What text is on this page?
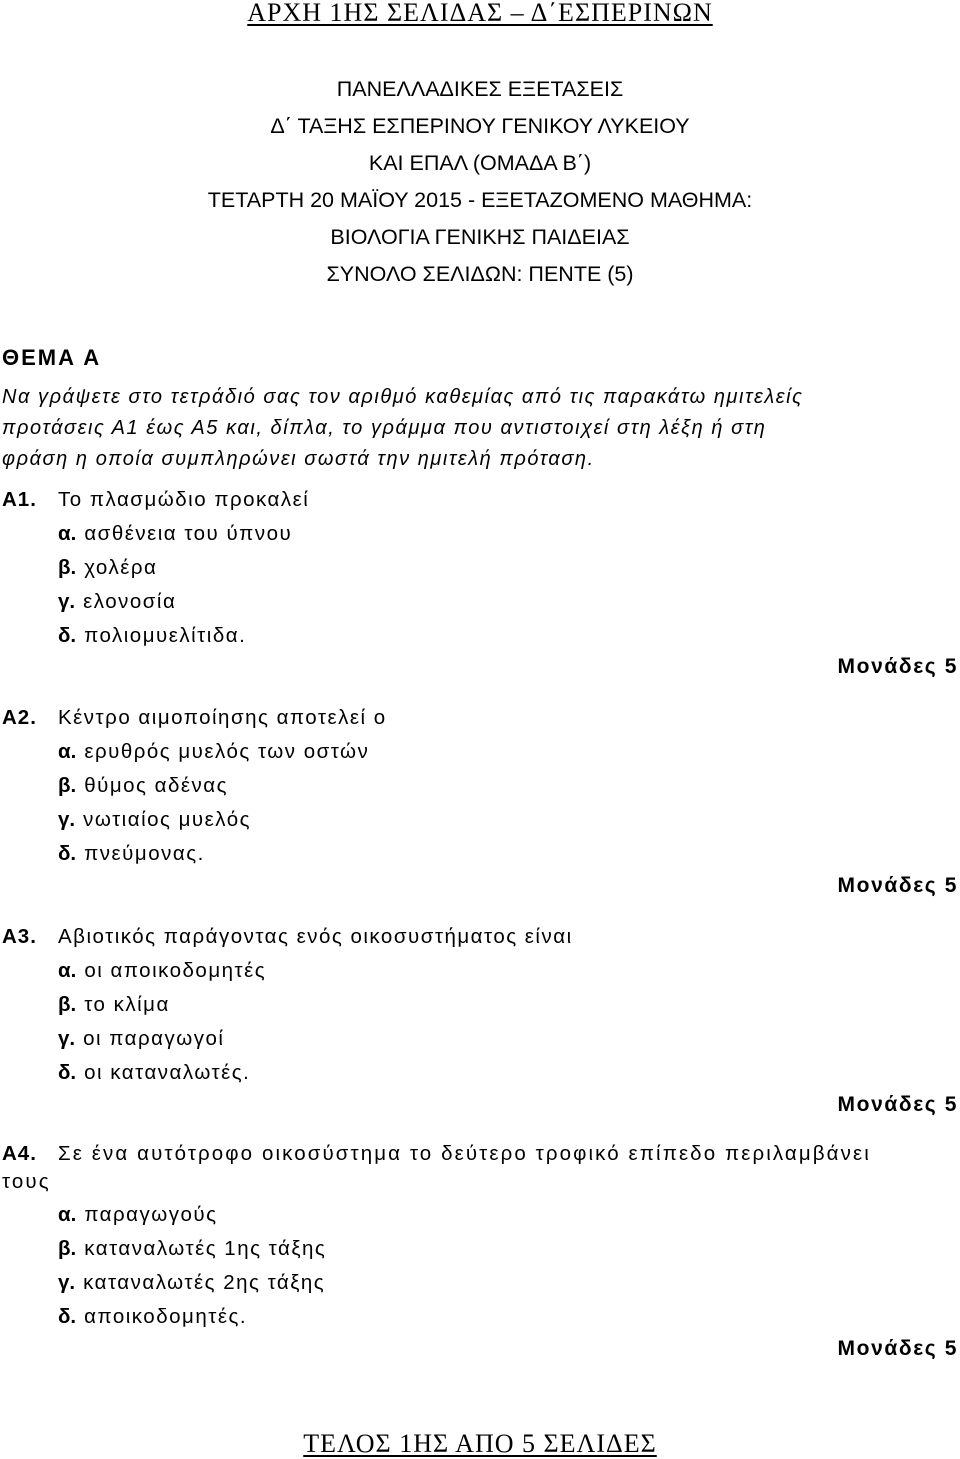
ΑΡΧΗ 1ΗΣ ΣΕΛΙΔΑΣ – Δ΄ΕΣΠΕΡΙΝΩΝ
ΠΑΝΕΛΛΑΔΙΚΕΣ ΕΞΕΤΑΣΕΙΣ
Δ΄ ΤΑΞΗΣ ΕΣΠΕΡΙΝΟΥ ΓΕΝΙΚΟΥ ΛΥΚΕΙΟΥ
ΚΑΙ ΕΠΑΛ (ΟΜΑΔΑ Β΄)
ΤΕΤΑΡΤΗ 20 ΜΑΪΟΥ 2015 - ΕΞΕΤΑΖΟΜΕΝΟ ΜΑΘΗΜΑ:
ΒΙΟΛΟΓΙΑ ΓΕΝΙΚΗΣ ΠΑΙΔΕΙΑΣ
ΣΥΝΟΛΟ ΣΕΛΙΔΩΝ: ΠΕΝΤΕ (5)
ΘΕΜΑ Α
Να γράψετε στο τετράδιό σας τον αριθμό καθεμίας από τις παρακάτω ημιτελείς
προτάσεις Α1 έως Α5 και, δίπλα, το γράμμα που αντιστοιχεί στη λέξη ή στη
φράση η οποία συμπληρώνει σωστά την ημιτελή πρόταση.
Α1. Το πλασμώδιο προκαλεί
α. ασθένεια του ύπνου
β. χολέρα
γ. ελονοσία
δ. πολιομυελίτιδα.
Μονάδες 5
Α2. Κέντρο αιμοποίησης αποτελεί ο
α. ερυθρός μυελός των οστών
β. θύμος αδένας
γ. νωτιαίος μυελός
δ. πνεύμονας.
Μονάδες 5
Α3. Αβιοτικός παράγοντας ενός οικοσυστήματος είναι
α. οι αποικοδομητές
β. το κλίμα
γ. οι παραγωγοί
δ. οι καταναλωτές.
Μονάδες 5
Α4. Σε ένα αυτότροφο οικοσύστημα το δεύτερο τροφικό επίπεδο περιλαμβάνει
τους
α. παραγωγούς
β. καταναλωτές 1ης τάξης
γ. καταναλωτές 2ης τάξης
δ. αποικοδομητές.
Μονάδες 5
ΤΕΛΟΣ 1ΗΣ ΑΠΟ 5 ΣΕΛΙΔΕΣ
